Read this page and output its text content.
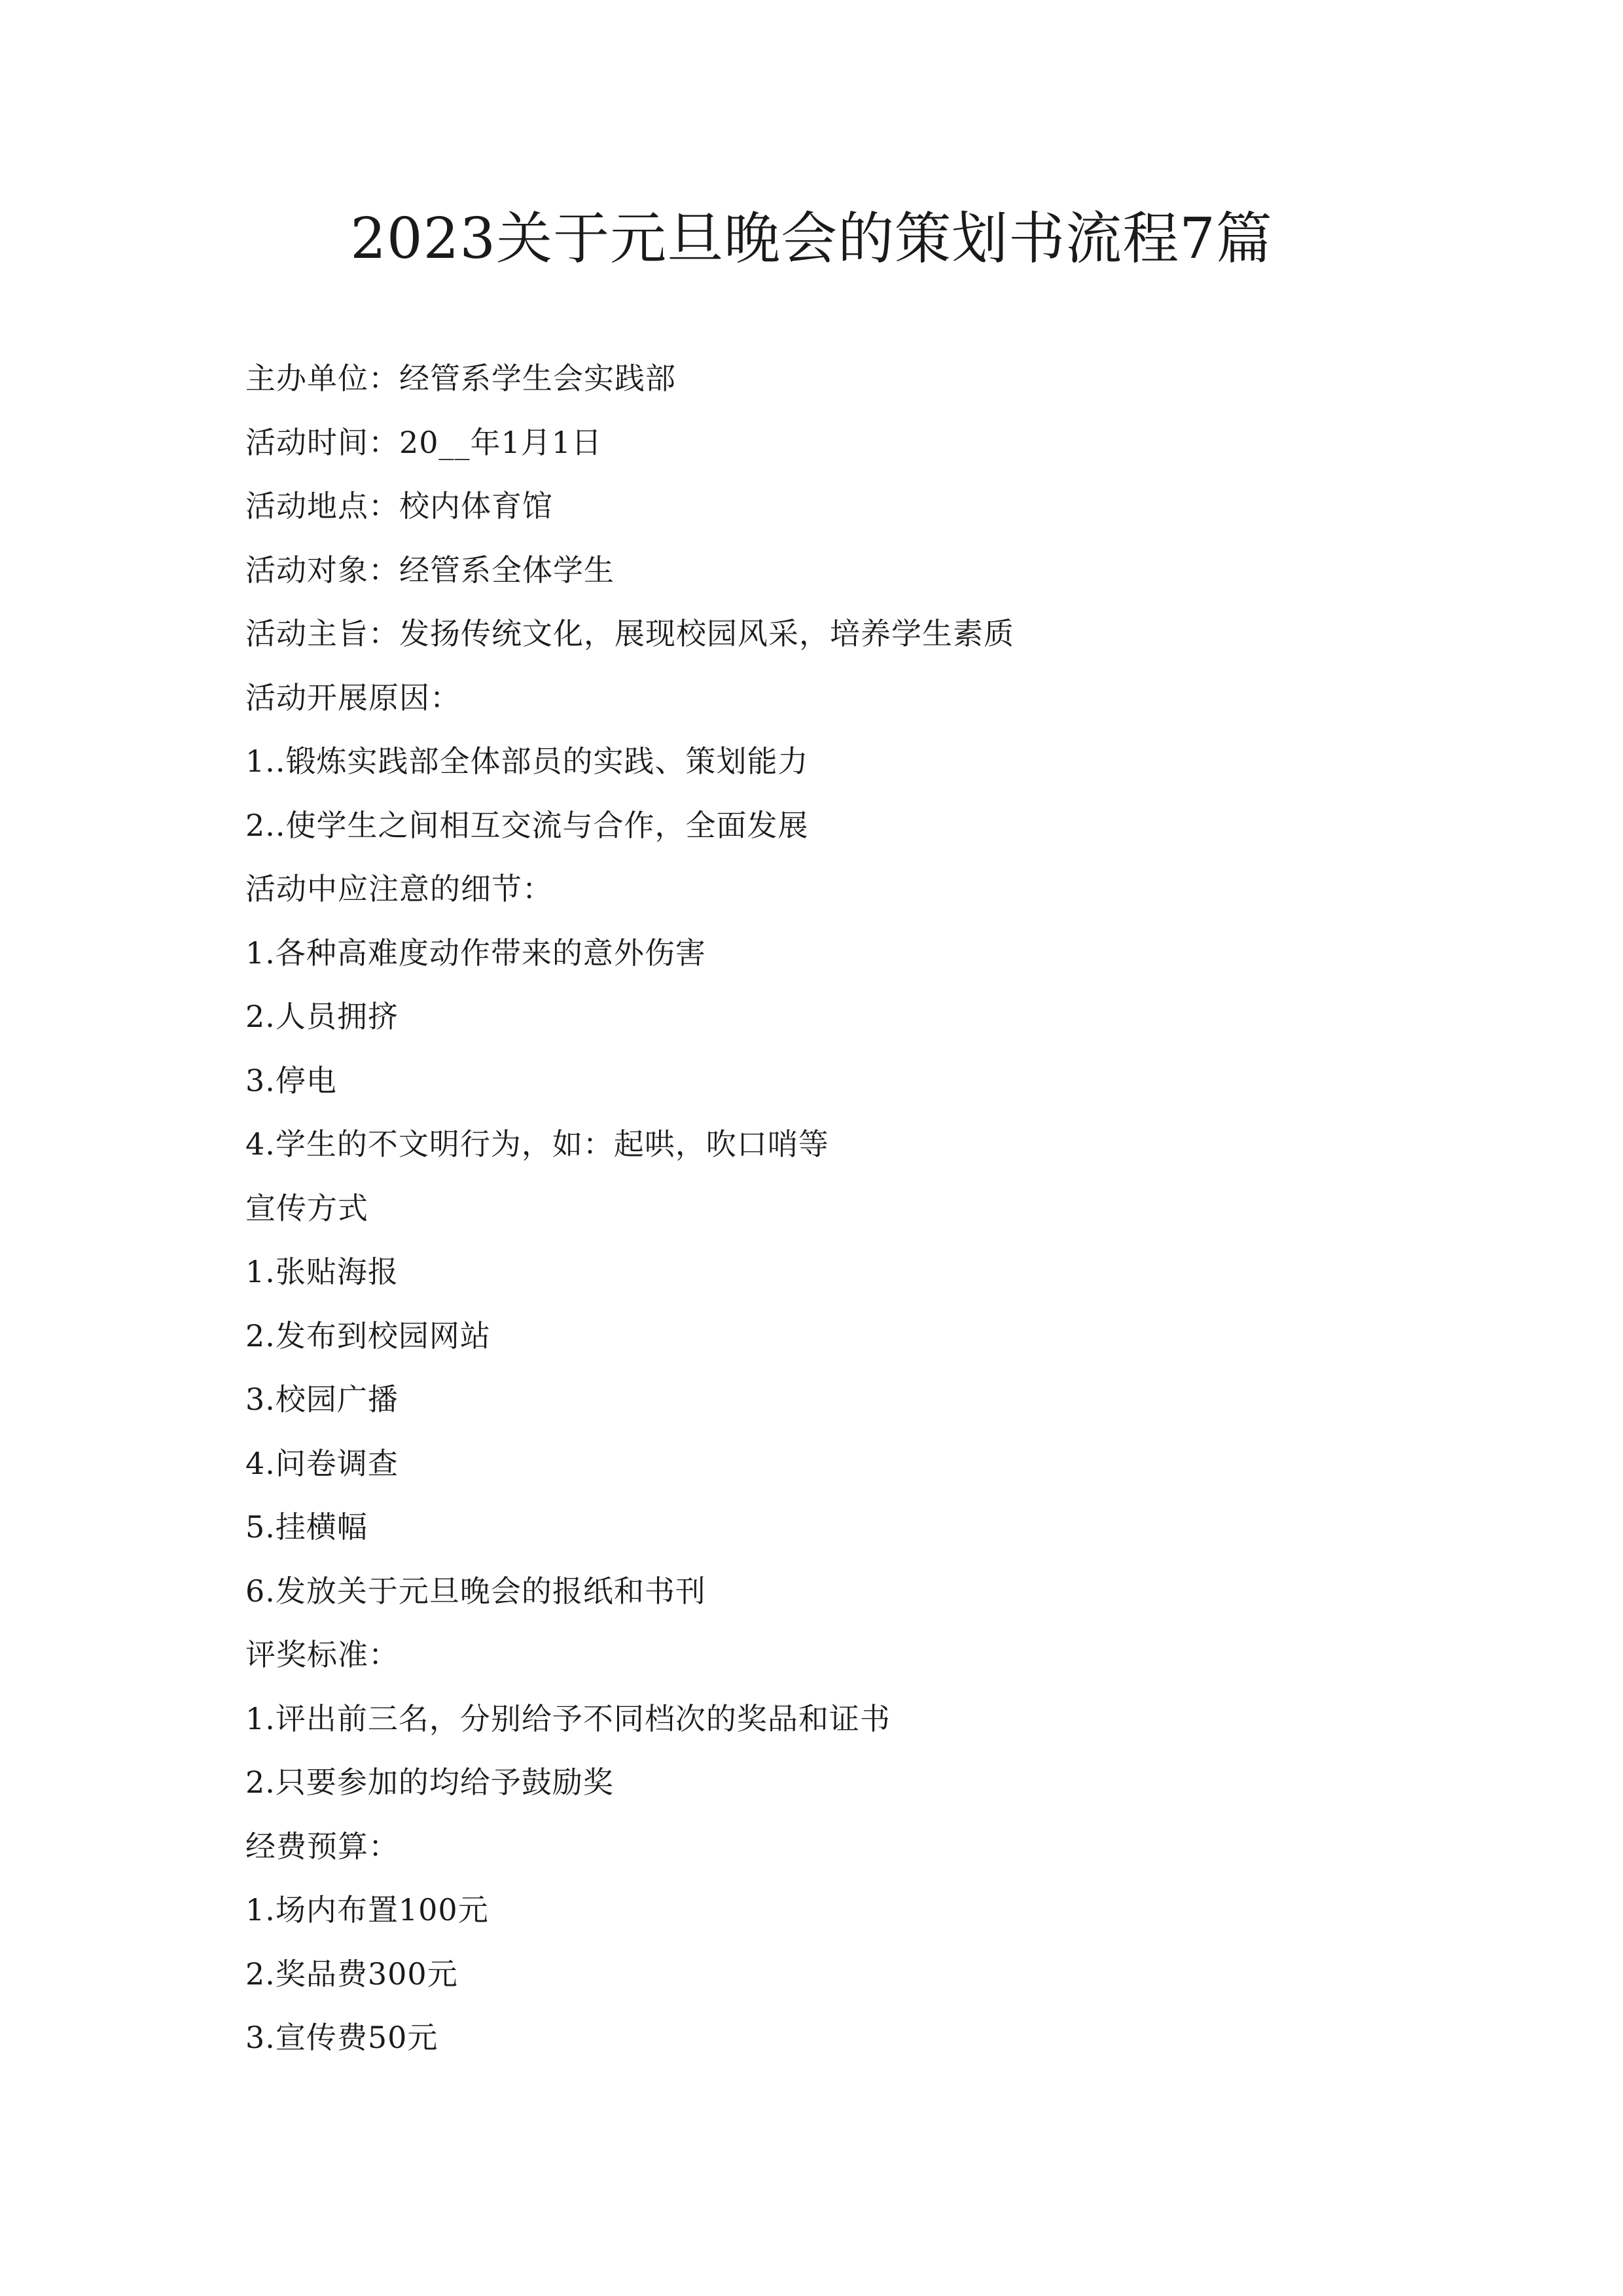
2023关于元旦晚会的策划书流程7篇
主办单位：经管系学生会实践部
活动时间：20__年1月1日
活动地点：校内体育馆
活动对象：经管系全体学生
活动主旨：发扬传统文化，展现校园风采，培养学生素质
活动开展原因：
1..锻炼实践部全体部员的实践、策划能力
2..使学生之间相互交流与合作，全面发展
活动中应注意的细节：
1.各种高难度动作带来的意外伤害
2.人员拥挤
3.停电
4.学生的不文明行为，如：起哄，吹口哨等
宣传方式
1.张贴海报
2.发布到校园网站
3.校园广播
4.问卷调查
5.挂横幅
6.发放关于元旦晚会的报纸和书刊
评奖标准：
1.评出前三名，分别给予不同档次的奖品和证书
2.只要参加的均给予鼓励奖
经费预算：
1.场内布置100元
2.奖品费300元
3.宣传费50元
